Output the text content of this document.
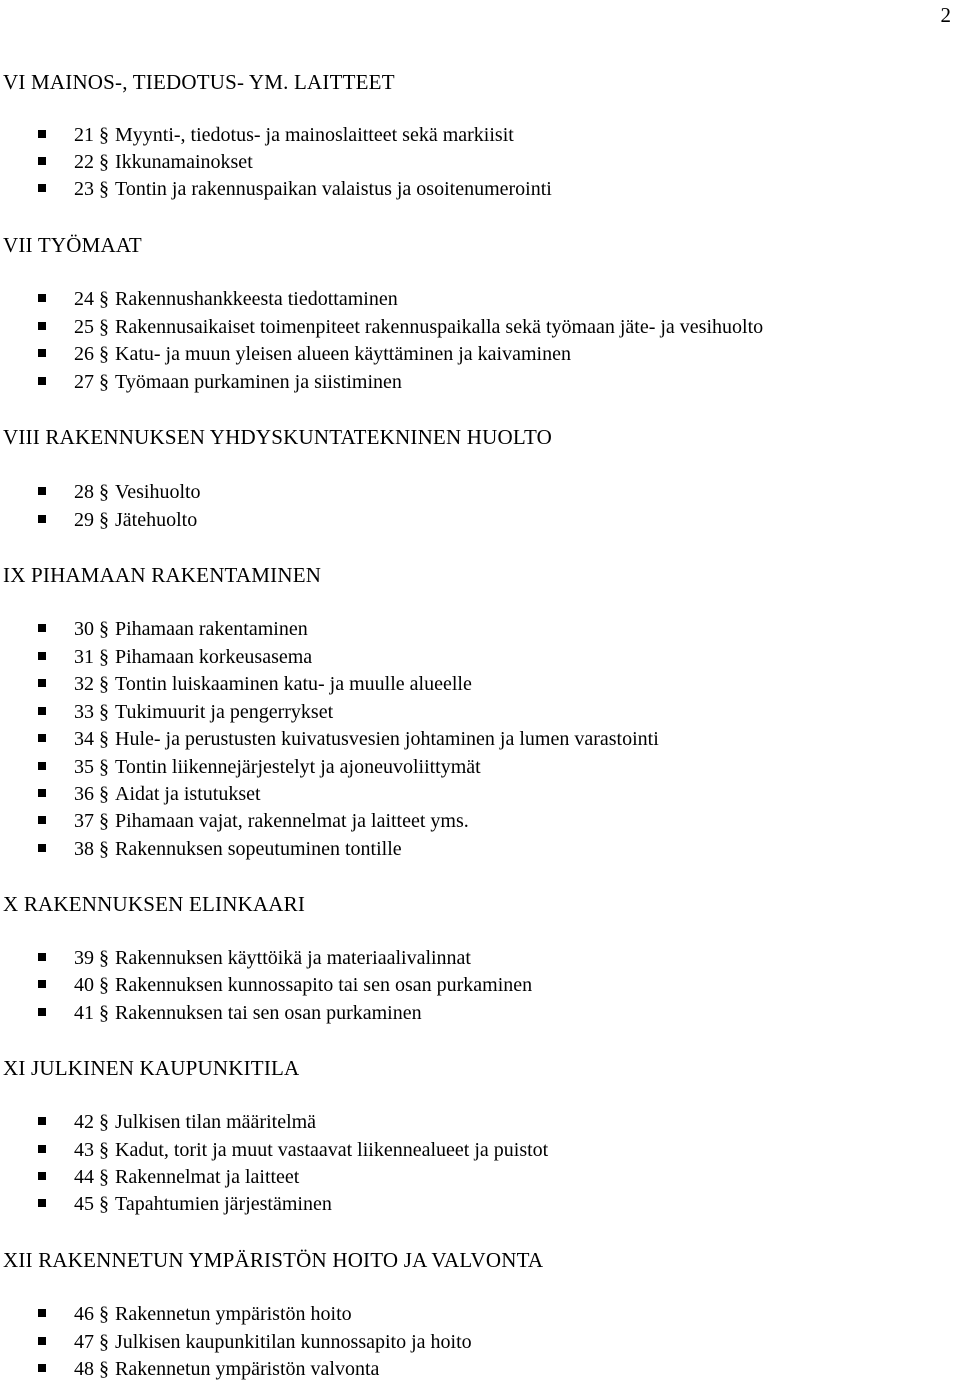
2
VI MAINOS-, TIEDOTUS- YM. LAITTEET
21 § Myynti-, tiedotus- ja mainoslaitteet sekä markiisit
22 § Ikkunamainokset
23 § Tontin ja rakennuspaikan valaistus ja osoitenumerointi
VII TYÖMAAT
24 § Rakennushankkeesta tiedottaminen
25 § Rakennusaikaiset toimenpiteet rakennuspaikalla sekä työmaan jäte- ja vesihuolto
26 § Katu- ja muun yleisen alueen käyttäminen ja kaivaminen
27 § Työmaan purkaminen ja siistiminen
VIII RAKENNUKSEN YHDYSKUNTATEKNINEN HUOLTO
28 § Vesihuolto
29 § Jätehuolto
IX PIHAMAAN RAKENTAMINEN
30 § Pihamaan rakentaminen
31 § Pihamaan korkeusasema
32 § Tontin luiskaaminen katu- ja muulle alueelle
33 § Tukimuurit ja pengerrykset
34 § Hule- ja perustusten kuivatusvesien johtaminen ja lumen varastointi
35 § Tontin liikennejärjestelyt ja ajoneuvoliittymät
36 § Aidat ja istutukset
37 § Pihamaan vajat, rakennelmat ja laitteet yms.
38 § Rakennuksen sopeutuminen tontille
X RAKENNUKSEN ELINKAARI
39 § Rakennuksen käyttöikä ja materiaalivalinnat
40 § Rakennuksen kunnossapito tai sen osan purkaminen
41 § Rakennuksen tai sen osan purkaminen
XI JULKINEN KAUPUNKITILA
42 § Julkisen tilan määritelmä
43 § Kadut, torit ja muut vastaavat liikennealueet ja puistot
44 § Rakennelmat ja laitteet
45 § Tapahtumien järjestäminen
XII RAKENNETUN YMPÄRISTÖN HOITO JA VALVONTA
46 § Rakennetun ympäristön hoito
47 § Julkisen kaupunkitilan kunnossapito ja hoito
48 § Rakennetun ympäristön valvonta
